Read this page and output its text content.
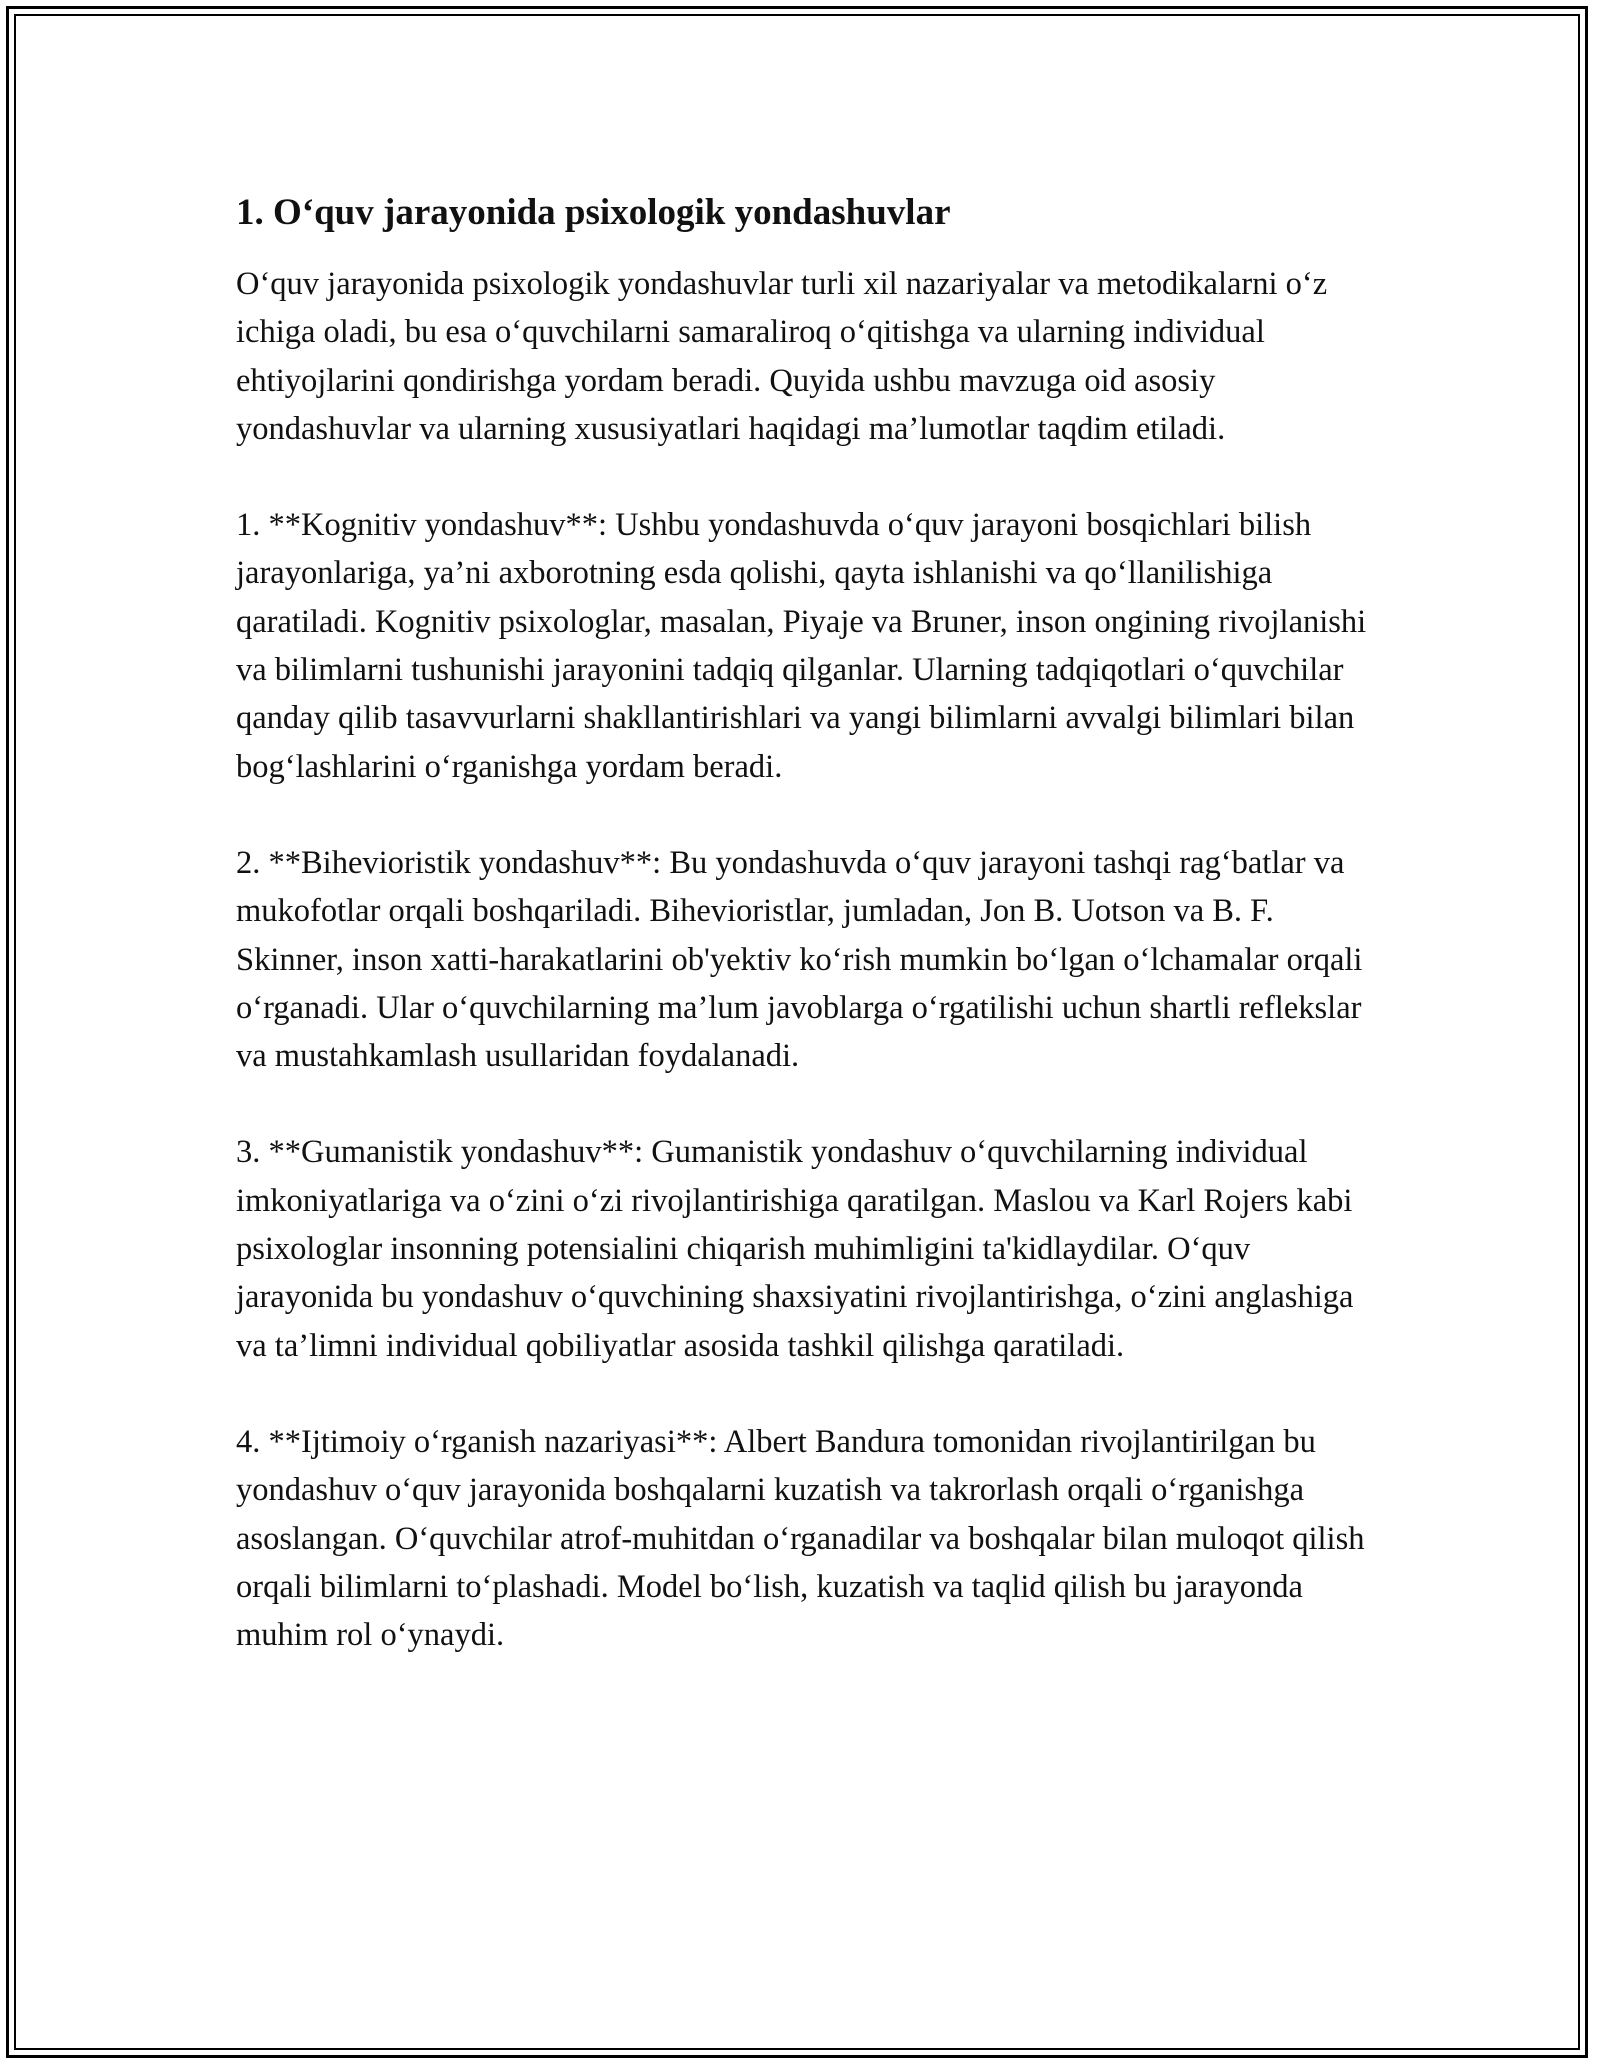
1. O‘quv jarayonida psixologik yondashuvlar

O‘quv jarayonida psixologik yondashuvlar turli xil nazariyalar va metodikalarni o‘z ichiga oladi, bu esa o‘quvchilarni samaraliroq o‘qitishga va ularning individual ehtiyojlarini qondirishga yordam beradi. Quyida ushbu mavzuga oid asosiy yondashuvlar va ularning xususiyatlari haqidagi ma’lumotlar taqdim etiladi.

1. **Kognitiv yondashuv**: Ushbu yondashuvda o‘quv jarayoni bosqichlari bilish jarayonlariga, ya’ni axborotning esda qolishi, qayta ishlanishi va qo‘llanilishiga qaratiladi. Kognitiv psixologlar, masalan, Piyaje va Bruner, inson ongining rivojlanishi va bilimlarni tushunishi jarayonini tadqiq qilganlar. Ularning tadqiqotlari o‘quvchilar qanday qilib tasavvurlarni shakllantirishlari va yangi bilimlarni avvalgi bilimlari bilan bog‘lashlarini o‘rganishga yordam beradi.

2. **Bihevioristik yondashuv**: Bu yondashuvda o‘quv jarayoni tashqi rag‘batlar va mukofotlar orqali boshqariladi. Bihevioristlar, jumladan, Jon B. Uotson va B. F. Skinner, inson xatti-harakatlarini ob'yektiv ko‘rish mumkin bo‘lgan o‘lchamalar orqali o‘rganadi. Ular o‘quvchilarning ma’lum javoblarga o‘rgatilishi uchun shartli reflekslar va mustahkamlash usullaridan foydalanadi.

3. **Gumanistik yondashuv**: Gumanistik yondashuv o‘quvchilarning individual imkoniyatlariga va o‘zini o‘zi rivojlantirishiga qaratilgan. Maslou va Karl Rojers kabi psixologlar insonning potensialini chiqarish muhimligini ta'kidlaydilar. O‘quv jarayonida bu yondashuv o‘quvchining shaxsiyatini rivojlantirishga, o‘zini anglashiga va ta’limni individual qobiliyatlar asosida tashkil qilishga qaratiladi.

4. **Ijtimoiy o‘rganish nazariyasi**: Albert Bandura tomonidan rivojlantirilgan bu yondashuv o‘quv jarayonida boshqalarni kuzatish va takrorlash orqali o‘rganishga asoslangan. O‘quvchilar atrof-muhitdan o‘rganadilar va boshqalar bilan muloqot qilish orqali bilimlarni to‘plashadi. Model bo‘lish, kuzatish va taqlid qilish bu jarayonda muhim rol o‘ynaydi.
